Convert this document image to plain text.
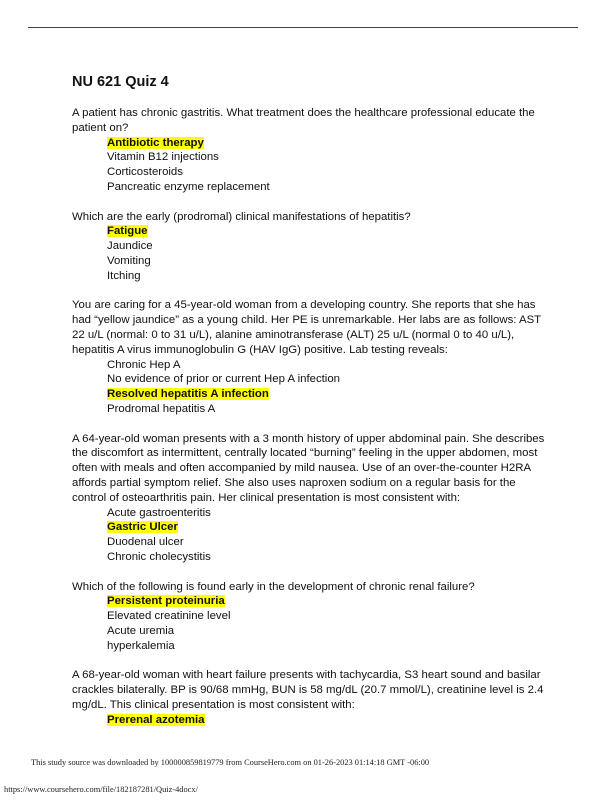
NU 621 Quiz 4

A patient has chronic gastritis. What treatment does the healthcare professional educate the patient on?

Antibiotic therapy
Vitamin B12 injections
Corticosteroids
Pancreatic enzyme replacement

Which are the early (prodromal) clinical manifestations of hepatitis?

Fatigue
Jaundice
Vomiting
Itching

You are caring for a 45-year-old woman from a developing country. She reports that she has had “yellow jaundice” as a young child. Her PE is unremarkable. Her labs are as follows: AST 22 u/L (normal: 0 to 31 u/L), alanine aminotransferase (ALT) 25 u/L (normal 0 to 40 u/L), hepatitis A virus immunoglobulin G (HAV IgG) positive. Lab testing reveals:

Chronic Hep A
No evidence of prior or current Hep A infection
Resolved hepatitis A infection
Prodromal hepatitis A

A 64-year-old woman presents with a 3 month history of upper abdominal pain. She describes the discomfort as intermittent, centrally located “burning” feeling in the upper abdomen, most often with meals and often accompanied by mild nausea. Use of an over-the-counter H2RA affords partial symptom relief. She also uses naproxen sodium on a regular basis for the control of osteoarthritis pain. Her clinical presentation is most consistent with:

Acute gastroenteritis
Gastric Ulcer
Duodenal ulcer
Chronic cholecystitis

Which of the following is found early in the development of chronic renal failure?

Persistent proteinuria
Elevated creatinine level
Acute uremia
hyperkalemia

A 68-year-old woman with heart failure presents with tachycardia, S3 heart sound and basilar crackles bilaterally. BP is 90/68 mmHg, BUN is 58 mg/dL (20.7 mmol/L), creatinine level is 2.4 mg/dL. This clinical presentation is most consistent with:

Prerenal azotemia
This study source was downloaded by 100000859819779 from CourseHero.com on 01-26-2023 01:14:18 GMT -06:00
https://www.coursehero.com/file/182187281/Quiz-4docx/
